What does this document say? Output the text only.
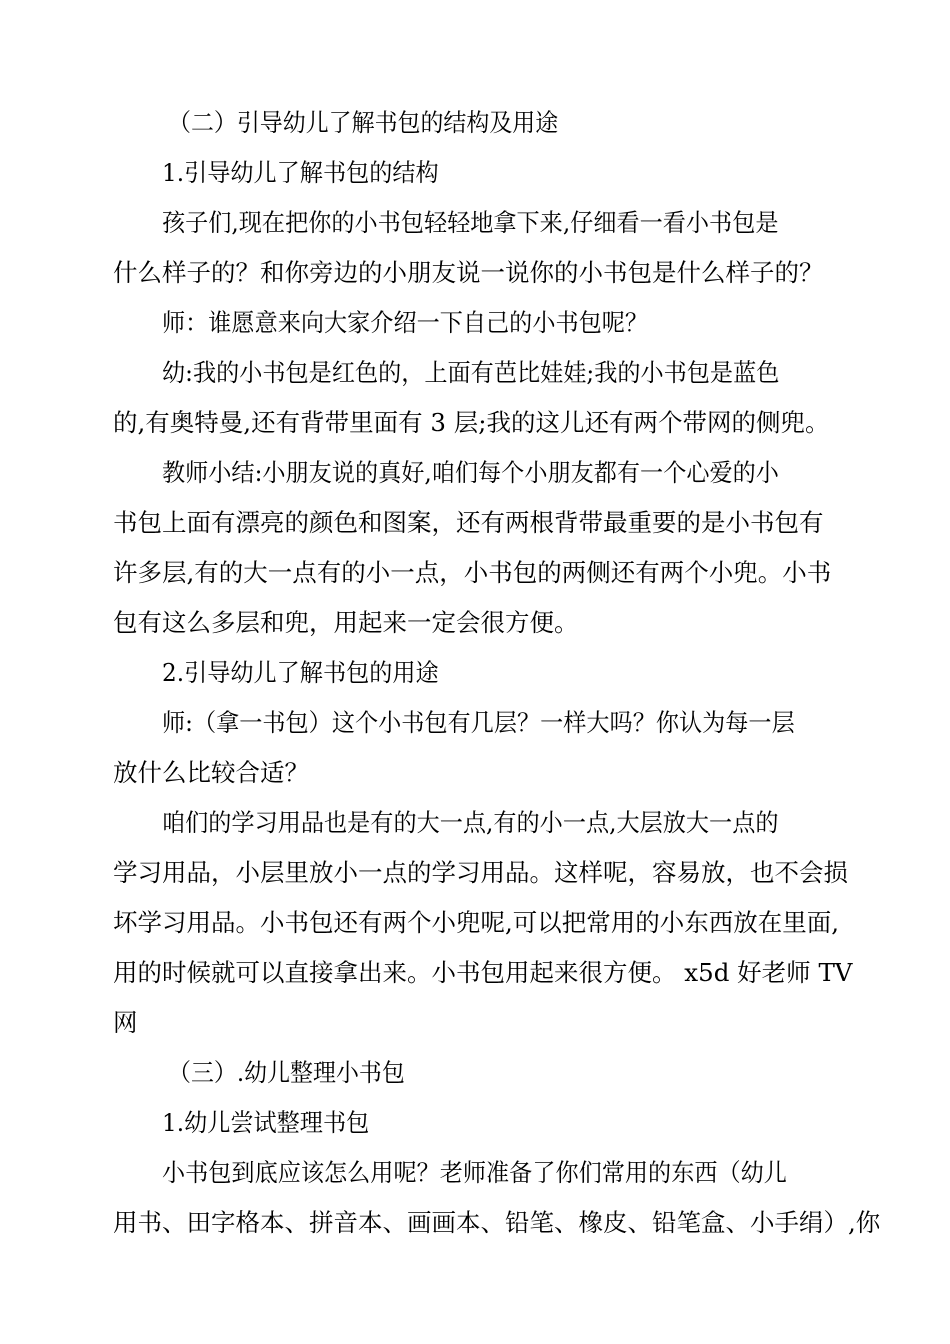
（二）引导幼儿了解书包的结构及用途
1.引导幼儿了解书包的结构
孩子们,现在把你的小书包轻轻地拿下来,仔细看一看小书包是
什么样子的？和你旁边的小朋友说一说你的小书包是什么样子的？
师：谁愿意来向大家介绍一下自己的小书包呢？
幼:我的小书包是红色的，上面有芭比娃娃;我的小书包是蓝色
的,有奥特曼,还有背带里面有 3 层;我的这儿还有两个带网的侧兜。
教师小结:小朋友说的真好,咱们每个小朋友都有一个心爱的小
书包上面有漂亮的颜色和图案，还有两根背带最重要的是小书包有
许多层,有的大一点有的小一点，小书包的两侧还有两个小兜。小书
包有这么多层和兜，用起来一定会很方便。
2.引导幼儿了解书包的用途
师:（拿一书包）这个小书包有几层？一样大吗？你认为每一层
放什么比较合适？
咱们的学习用品也是有的大一点,有的小一点,大层放大一点的
学习用品，小层里放小一点的学习用品。这样呢，容易放，也不会损
坏学习用品。小书包还有两个小兜呢,可以把常用的小东西放在里面,
用的时候就可以直接拿出来。小书包用起来很方便。 x5d 好老师 TV
网
（三）.幼儿整理小书包
1.幼儿尝试整理书包
小书包到底应该怎么用呢？老师准备了你们常用的东西（幼儿
用书、田字格本、拼音本、画画本、铅笔、橡皮、铅笔盒、小手绢）,你
